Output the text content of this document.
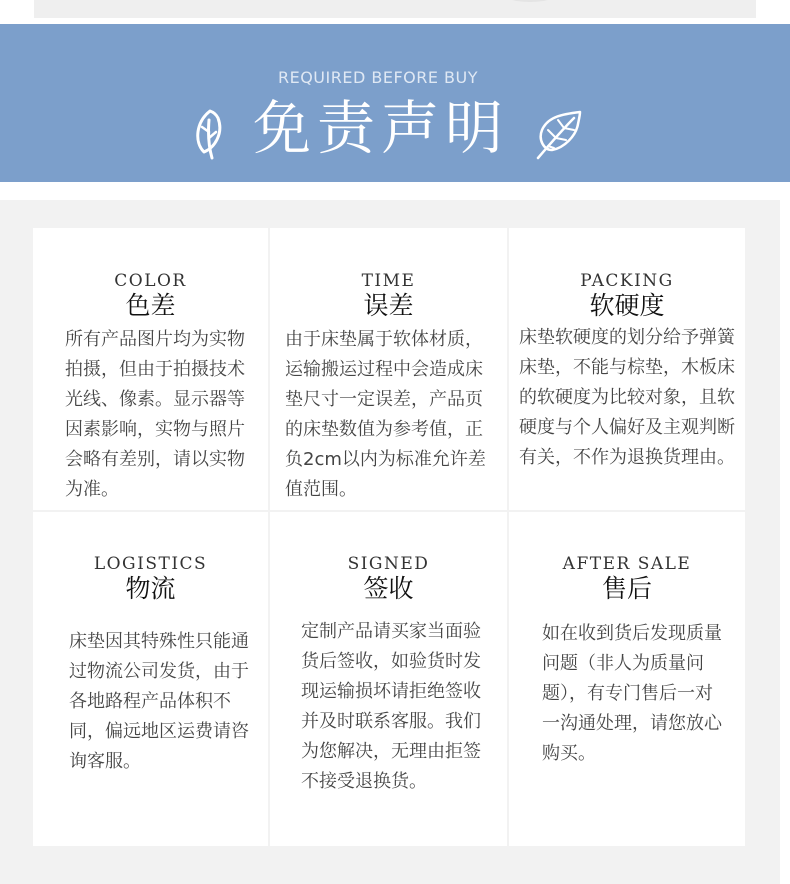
REQUIRED BEFORE BUY
免责声明
COLOR
色差
所有产品图片均为实物拍摄，但由于拍摄技术光线、像素。显示器等因素影响，实物与照片会略有差别，请以实物为准。
TIME
误差
由于床垫属于软体材质，运输搬运过程中会造成床垫尺寸一定误差，产品页的床垫数值为参考值，正负2cm以内为标准允许差值范围。
PACKING
软硬度
床垫软硬度的划分给予弹簧床垫，不能与棕垫，木板床的软硬度为比较对象，且软硬度与个人偏好及主观判断有关，不作为退换货理由。
LOGISTICS
物流
床垫因其特殊性只能通过物流公司发货，由于各地路程产品体积不同，偏远地区运费请咨询客服。
SIGNED
签收
定制产品请买家当面验货后签收，如验货时发现运输损坏请拒绝签收并及时联系客服。我们为您解决，无理由拒签不接受退换货。
AFTER SALE
售后
如在收到货后发现质量问题（非人为质量问题），有专门售后一对一沟通处理，请您放心购买。
